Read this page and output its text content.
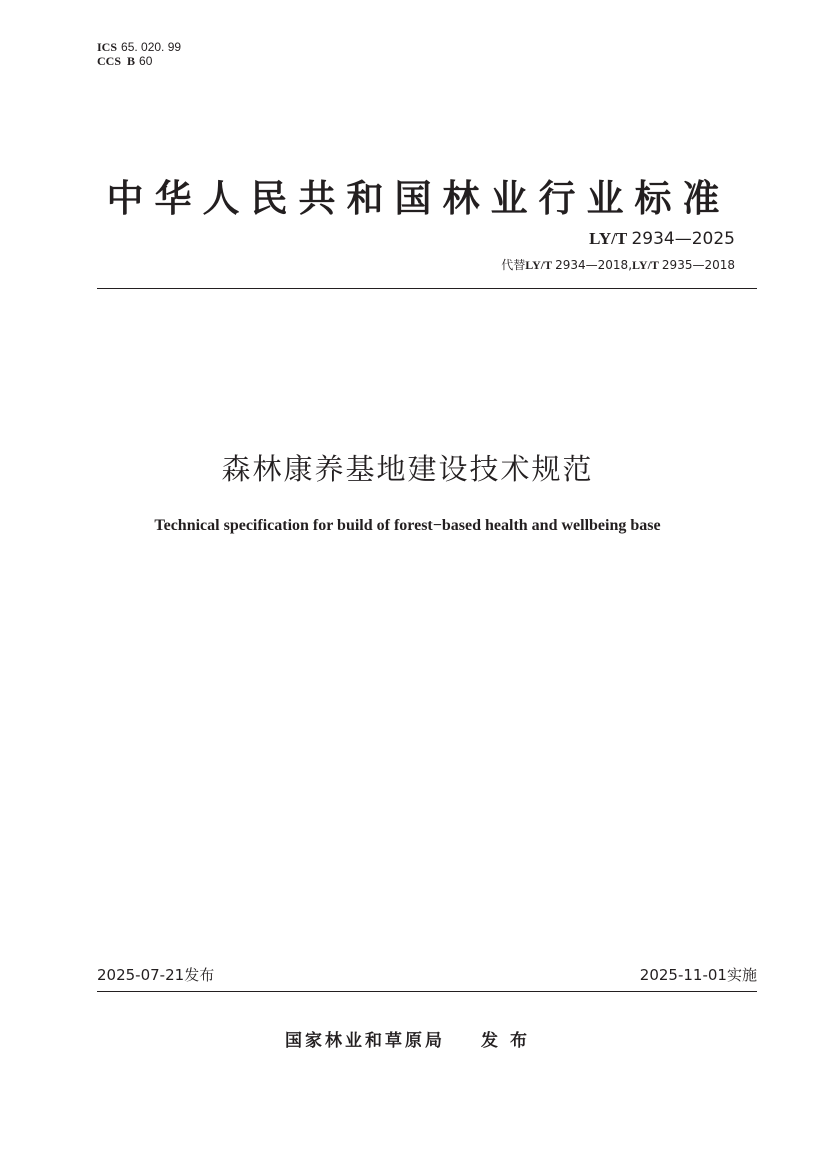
ICS 65. 020. 99
CCS B 60
中华人民共和国林业行业标准
LY/T 2934—2025
代替LY/T 2934—2018,LY/T 2935—2018
森林康养基地建设技术规范
Technical specification for build of forest−based health and wellbeing base
2025-07-21发布	2025-11-01实施
国家林业和草原局 发 布
